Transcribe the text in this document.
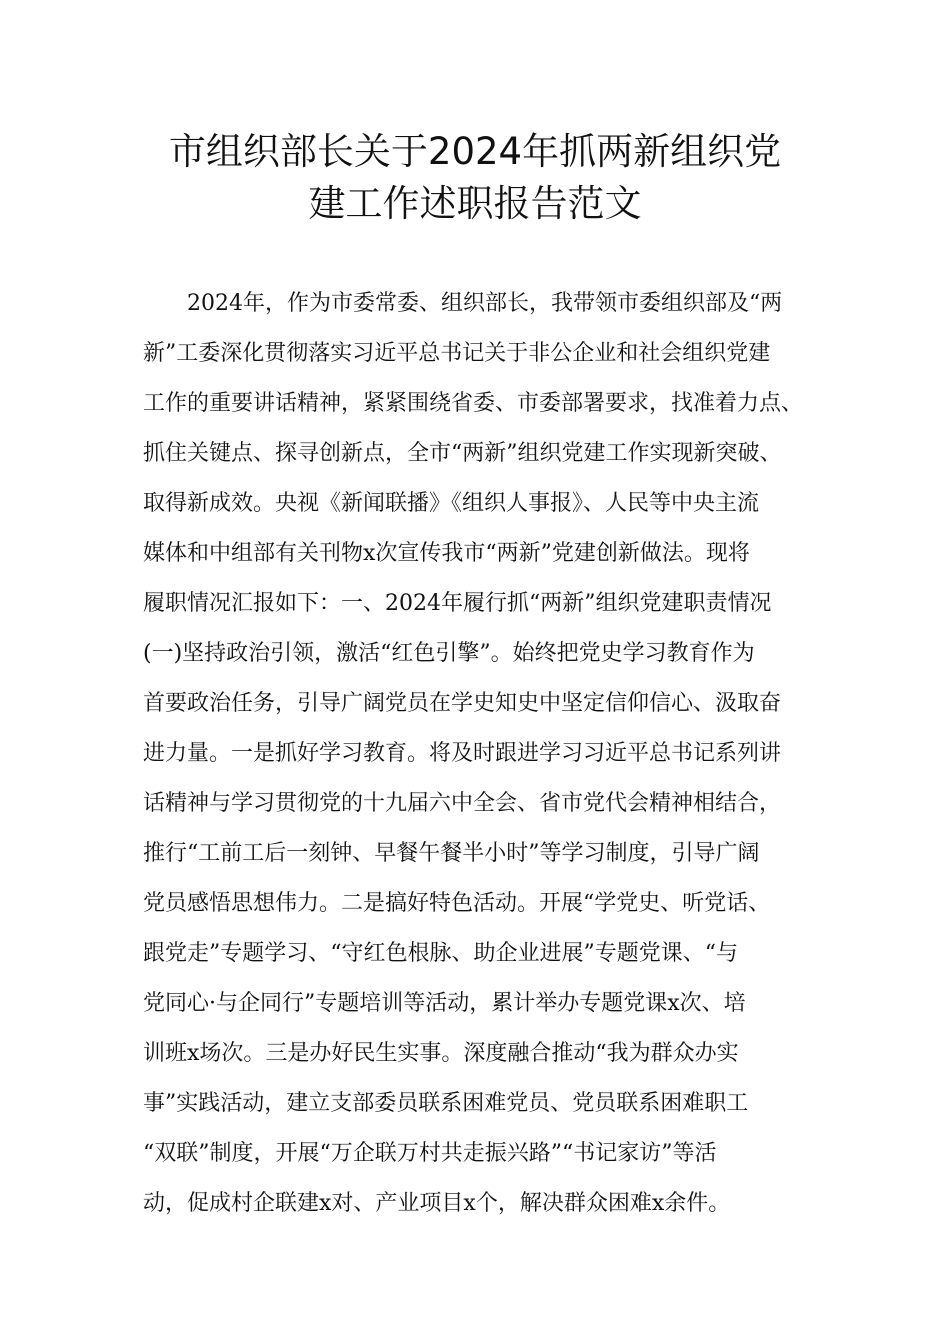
市组织部长关于2024年抓两新组织党
建工作述职报告范文
2024年，作为市委常委、组织部长，我带领市委组织部及“两
新”工委深化贯彻落实习近平总书记关于非公企业和社会组织党建
工作的重要讲话精神，紧紧围绕省委、市委部署要求，找准着力点、
抓住关键点、探寻创新点，全市“两新”组织党建工作实现新突破、
取得新成效。央视《新闻联播》《组织人事报》、人民等中央主流
媒体和中组部有关刊物x次宣传我市“两新”党建创新做法。现将
履职情况汇报如下：一、2024年履行抓“两新”组织党建职责情况
(一)坚持政治引领，激活“红色引擎”。始终把党史学习教育作为
首要政治任务，引导广阔党员在学史知史中坚定信仰信心、汲取奋
进力量。一是抓好学习教育。将及时跟进学习习近平总书记系列讲
话精神与学习贯彻党的十九届六中全会、省市党代会精神相结合，
推行“工前工后一刻钟、早餐午餐半小时”等学习制度，引导广阔
党员感悟思想伟力。二是搞好特色活动。开展“学党史、听党话、
跟党走”专题学习、“守红色根脉、助企业进展”专题党课、“与
党同心·与企同行”专题培训等活动，累计举办专题党课x次、培
训班x场次。三是办好民生实事。深度融合推动“我为群众办实
事”实践活动，建立支部委员联系困难党员、党员联系困难职工
“双联”制度，开展“万企联万村共走振兴路”“书记家访”等活
动，促成村企联建x对、产业项目x个，解决群众困难x余件。
